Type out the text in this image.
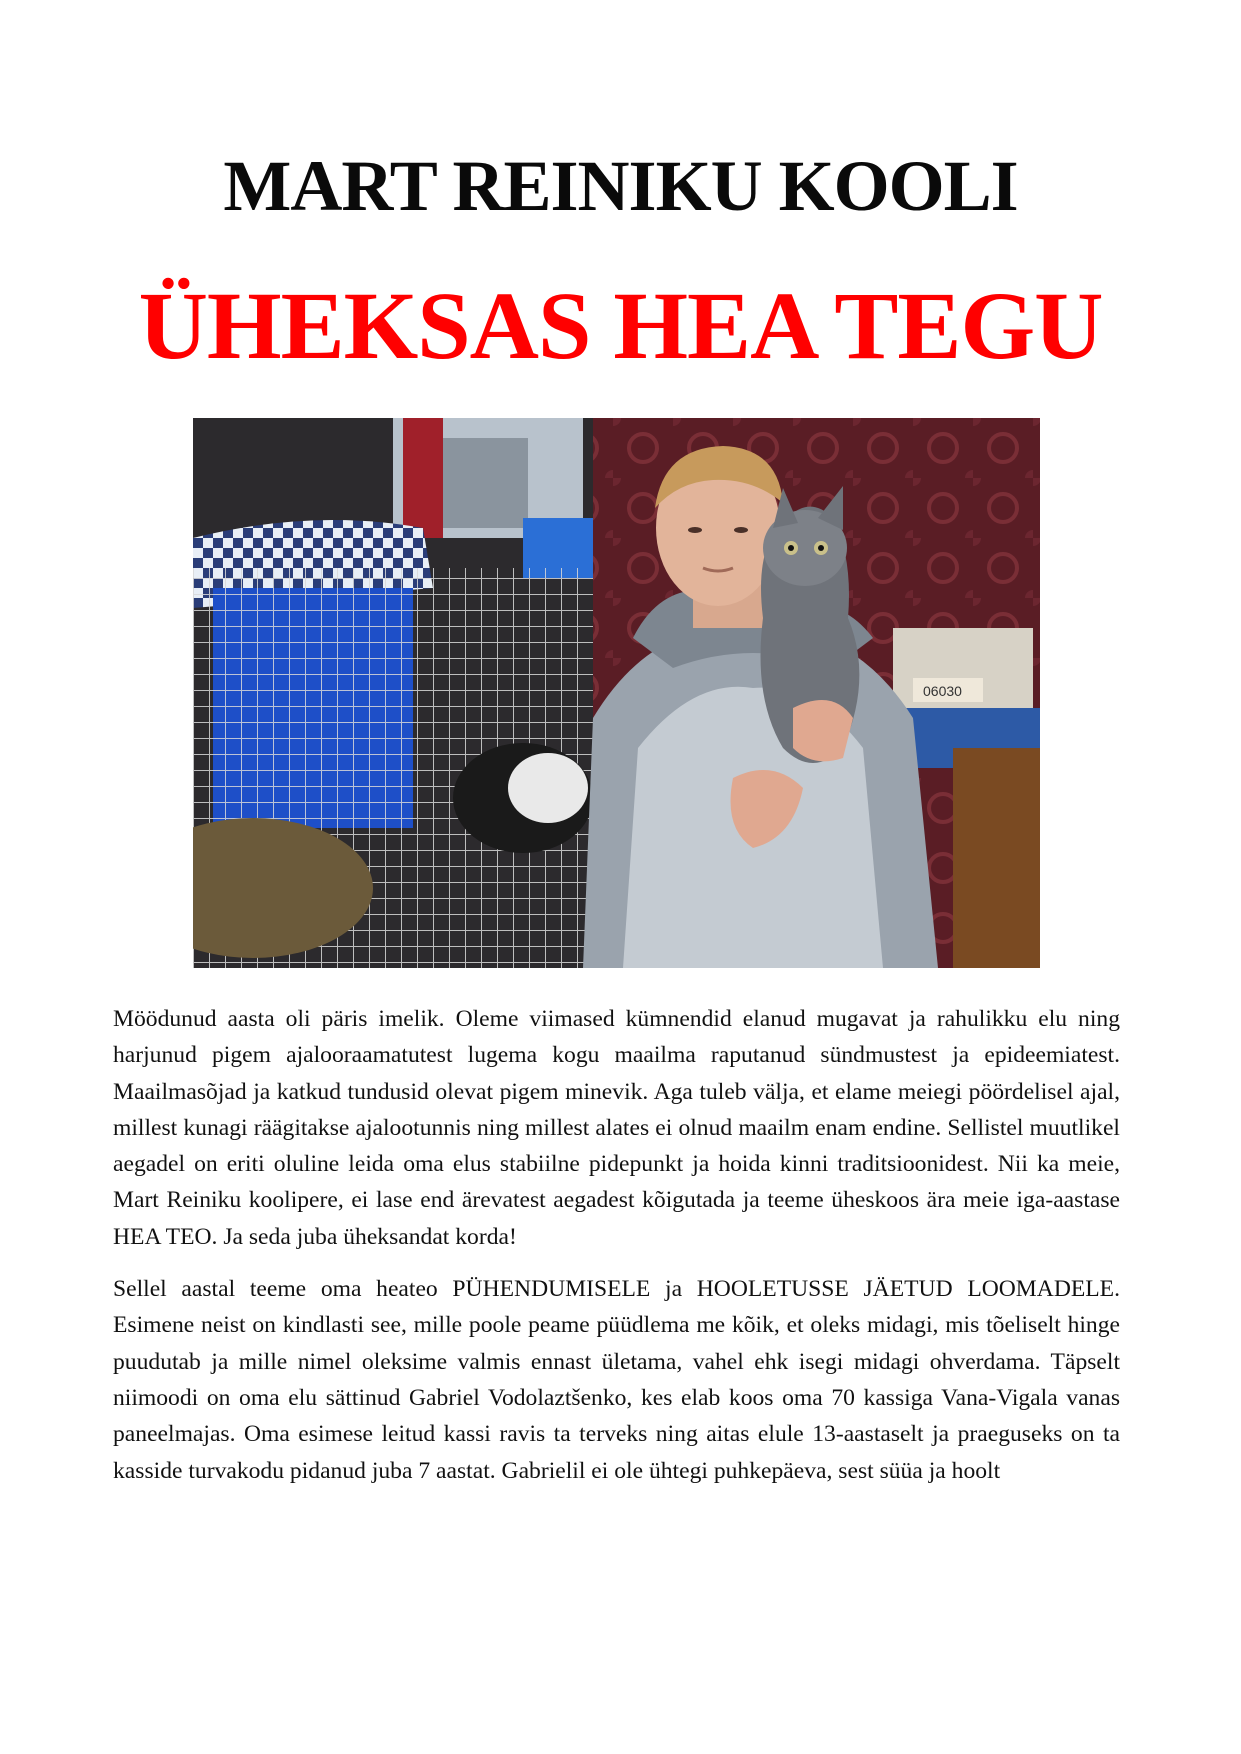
MART REINIKU KOOLI
ÜHEKSAS HEA TEGU
06030

Möödunud aasta oli päris imelik. Oleme viimased kümnendid elanud mugavat ja rahulikku elu ning harjunud pigem ajalooraamatutest lugema kogu maailma raputanud sündmustest ja epideemiatest. Maailmasõjad ja katkud tundusid olevat pigem minevik. Aga tuleb välja, et elame meiegi pöördelisel ajal, millest kunagi räägitakse ajalootunnis ning millest alates ei olnud maailm enam endine. Sellistel muutlikel aegadel on eriti oluline leida oma elus stabiilne pidepunkt ja hoida kinni traditsioonidest. Nii ka meie, Mart Reiniku koolipere, ei lase end ärevatest aegadest kõigutada ja teeme üheskoos ära meie iga-aastase HEA TEO. Ja seda juba üheksandat korda!

Sellel aastal teeme oma heateo PÜHENDUMISELE ja HOOLETUSSE JÄETUD LOOMADELE. Esimene neist on kindlasti see, mille poole peame püüdlema me kõik, et oleks midagi, mis tõeliselt hinge puudutab ja mille nimel oleksime valmis ennast ületama, vahel ehk isegi midagi ohverdama. Täpselt niimoodi on oma elu sättinud Gabriel Vodolaztšenko, kes elab koos oma 70 kassiga Vana-Vigala vanas paneelmajas. Oma esimese leitud kassi ravis ta terveks ning aitas elule 13-aastaselt ja praeguseks on ta kasside turvakodu pidanud juba 7 aastat. Gabrielil ei ole ühtegi puhkepäeva, sest süüa ja hoolt
